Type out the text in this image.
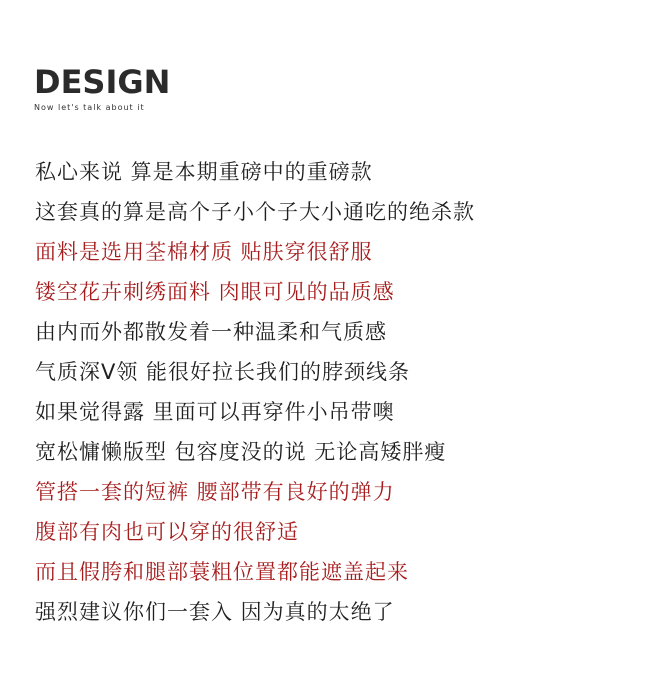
DESIGN
Now let's talk about it
私心来说 算是本期重磅中的重磅款
这套真的算是高个子小个子大小通吃的绝杀款
面料是选用荃棉材质 贴肤穿很舒服
镂空花卉刺绣面料 肉眼可见的品质感
由内而外都散发着一种温柔和气质感
气质深V领 能很好拉长我们的脖颈线条
如果觉得露 里面可以再穿件小吊带噢
宽松慵懒版型 包容度没的说 无论高矮胖瘦
管搭一套的短裤 腰部带有良好的弹力
腹部有肉也可以穿的很舒适
而且假胯和腿部蓑粗位置都能遮盖起来
强烈建议你们一套入 因为真的太绝了
